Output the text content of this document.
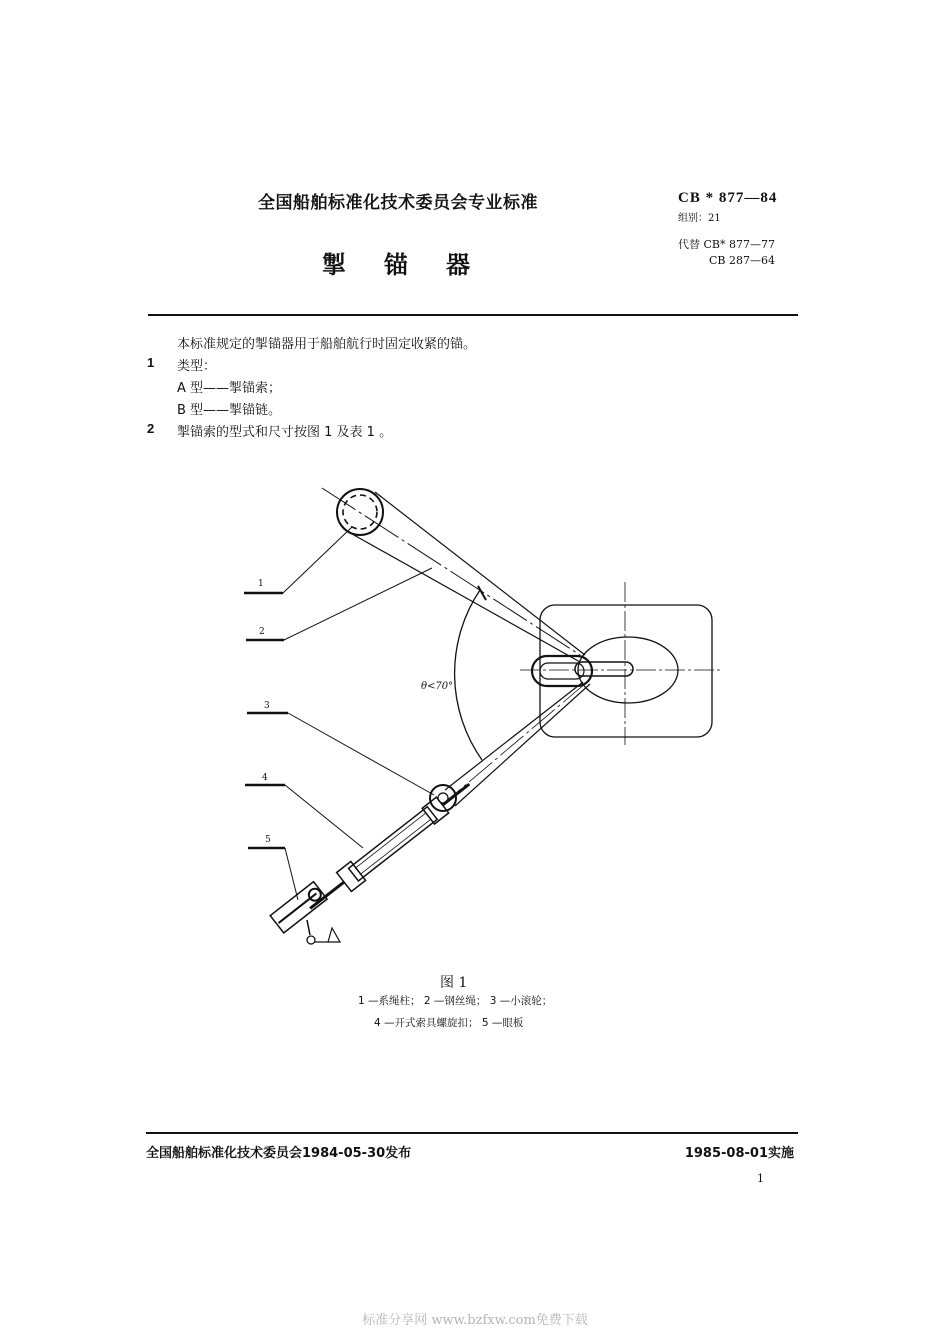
全国船舶标准化技术委员会专业标准	CB * 877—84
组别：21
掣锚器
代替 CB* 877—77
CB 287—64
本标准规定的掣锚器用于船舶航行时固定收紧的锚。
1 类型：
A 型——掣锚索；
B 型——掣锚链。
2 掣锚索的型式和尺寸按图 1 及表 1 。
θ<70°
1
2
3
4
5
图 1
1 —系绳柱； 2 —钢丝绳； 3 —小滚轮；
4 —开式索具螺旋扣； 5 —眼板
全国船舶标准化技术委员会1984-05-30发布	1985-08-01实施
1
标准分享网 www.bzfxw.com免费下载
